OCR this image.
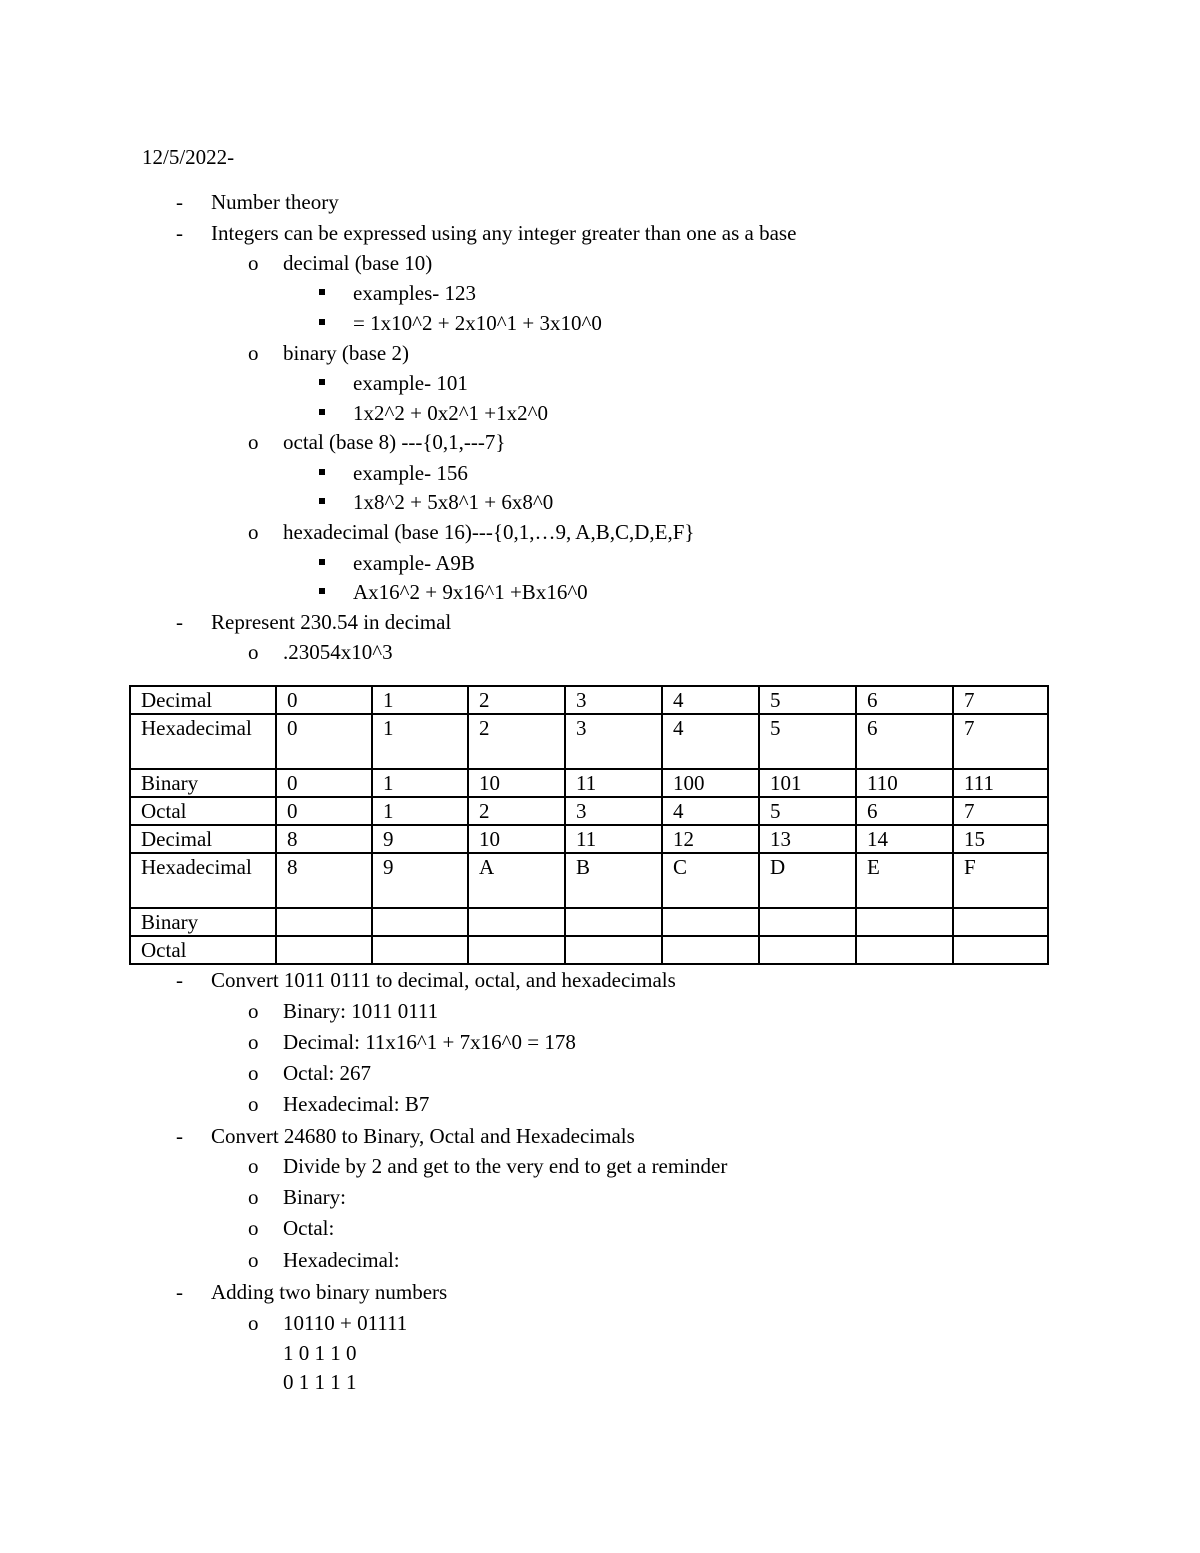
12/5/2022-
- Number theory
- Integers can be expressed using any integer greater than one as a base
o decimal (base 10)
examples- 123
= 1x10^2 + 2x10^1 + 3x10^0
o binary (base 2)
example- 101
1x2^2 + 0x2^1 +1x2^0
o octal (base 8) ---{0,1,---7}
example- 156
1x8^2 + 5x8^1 + 6x8^0
o hexadecimal (base 16)---{0,1,…9, A,B,C,D,E,F}
example- A9B
Ax16^2 + 9x16^1 +Bx16^0
- Represent 230.54 in decimal
o .23054x10^3
Decimal	0	1	2	3	4	5	6	7
Hexadecimal	0	1	2	3	4	5	6	7
Binary	0	1	10	11	100	101	110	111
Octal	0	1	2	3	4	5	6	7
Decimal	8	9	10	11	12	13	14	15
Hexadecimal	8	9	A	B	C	D	E	F
Binary								
Octal								
- Convert 1011 0111 to decimal, octal, and hexadecimals
o Binary: 1011 0111
o Decimal: 11x16^1 + 7x16^0 = 178
o Octal: 267
o Hexadecimal: B7
- Convert 24680 to Binary, Octal and Hexadecimals
o Divide by 2 and get to the very end to get a reminder
o Binary:
o Octal:
o Hexadecimal:
- Adding two binary numbers
o 10110 + 01111
1 0 1 1 0
0 1 1 1 1
